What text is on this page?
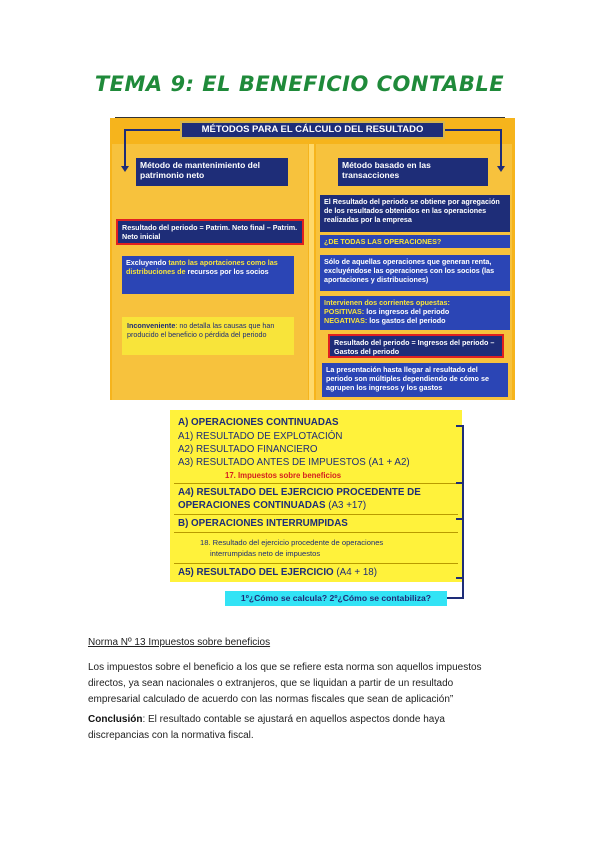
TEMA 9: EL BENEFICIO CONTABLE
MÉTODOS PARA EL CÁLCULO DEL RESULTADO
Método de mantenimiento del patrimonio neto
Resultado del periodo = Patrim. Neto final – Patrim. Neto inicial
Excluyendo tanto las aportaciones como las distribuciones de recursos por los socios
Inconveniente: no detalla las causas que han producido el beneficio o pérdida del periodo
Método basado en las transacciones
El Resultado del periodo se obtiene por agregación de los resultados obtenidos en las operaciones realizadas por la empresa
¿DE TODAS LAS OPERACIONES?
Sólo de aquellas operaciones que generan renta, excluyéndose las operaciones con los socios (las aportaciones y distribuciones)
Intervienen dos corrientes opuestas:
POSITIVAS: los ingresos del periodo
NEGATIVAS: los gastos del periodo
Resultado del periodo = Ingresos del periodo – Gastos del periodo
La presentación hasta llegar al resultado del periodo son múltiples dependiendo de cómo se agrupen los ingresos y los gastos
A) OPERACIONES CONTINUADAS
A1) RESULTADO DE EXPLOTACIÓN
A2) RESULTADO FINANCIERO
A3) RESULTADO ANTES DE IMPUESTOS (A1 + A2)
17. Impuestos sobre beneficios
A4) RESULTADO DEL EJERCICIO PROCEDENTE DE
OPERACIONES CONTINUADAS (A3 +17)
B) OPERACIONES INTERRUMPIDAS
18. Resultado del ejercicio procedente de operaciones
interrumpidas neto de impuestos
A5) RESULTADO DEL EJERCICIO (A4 + 18)
1º¿Cómo se calcula? 2º¿Cómo se contabiliza?
Norma Nº 13 Impuestos sobre beneficios
Los impuestos sobre el beneficio a los que se refiere esta norma son aquellos impuestos
directos, ya sean nacionales o extranjeros, que se liquidan a partir de un resultado
empresarial calculado de acuerdo con las normas fiscales que sean de aplicación”
Conclusión: El resultado contable se ajustará en aquellos aspectos donde haya
discrepancias con la normativa fiscal.
